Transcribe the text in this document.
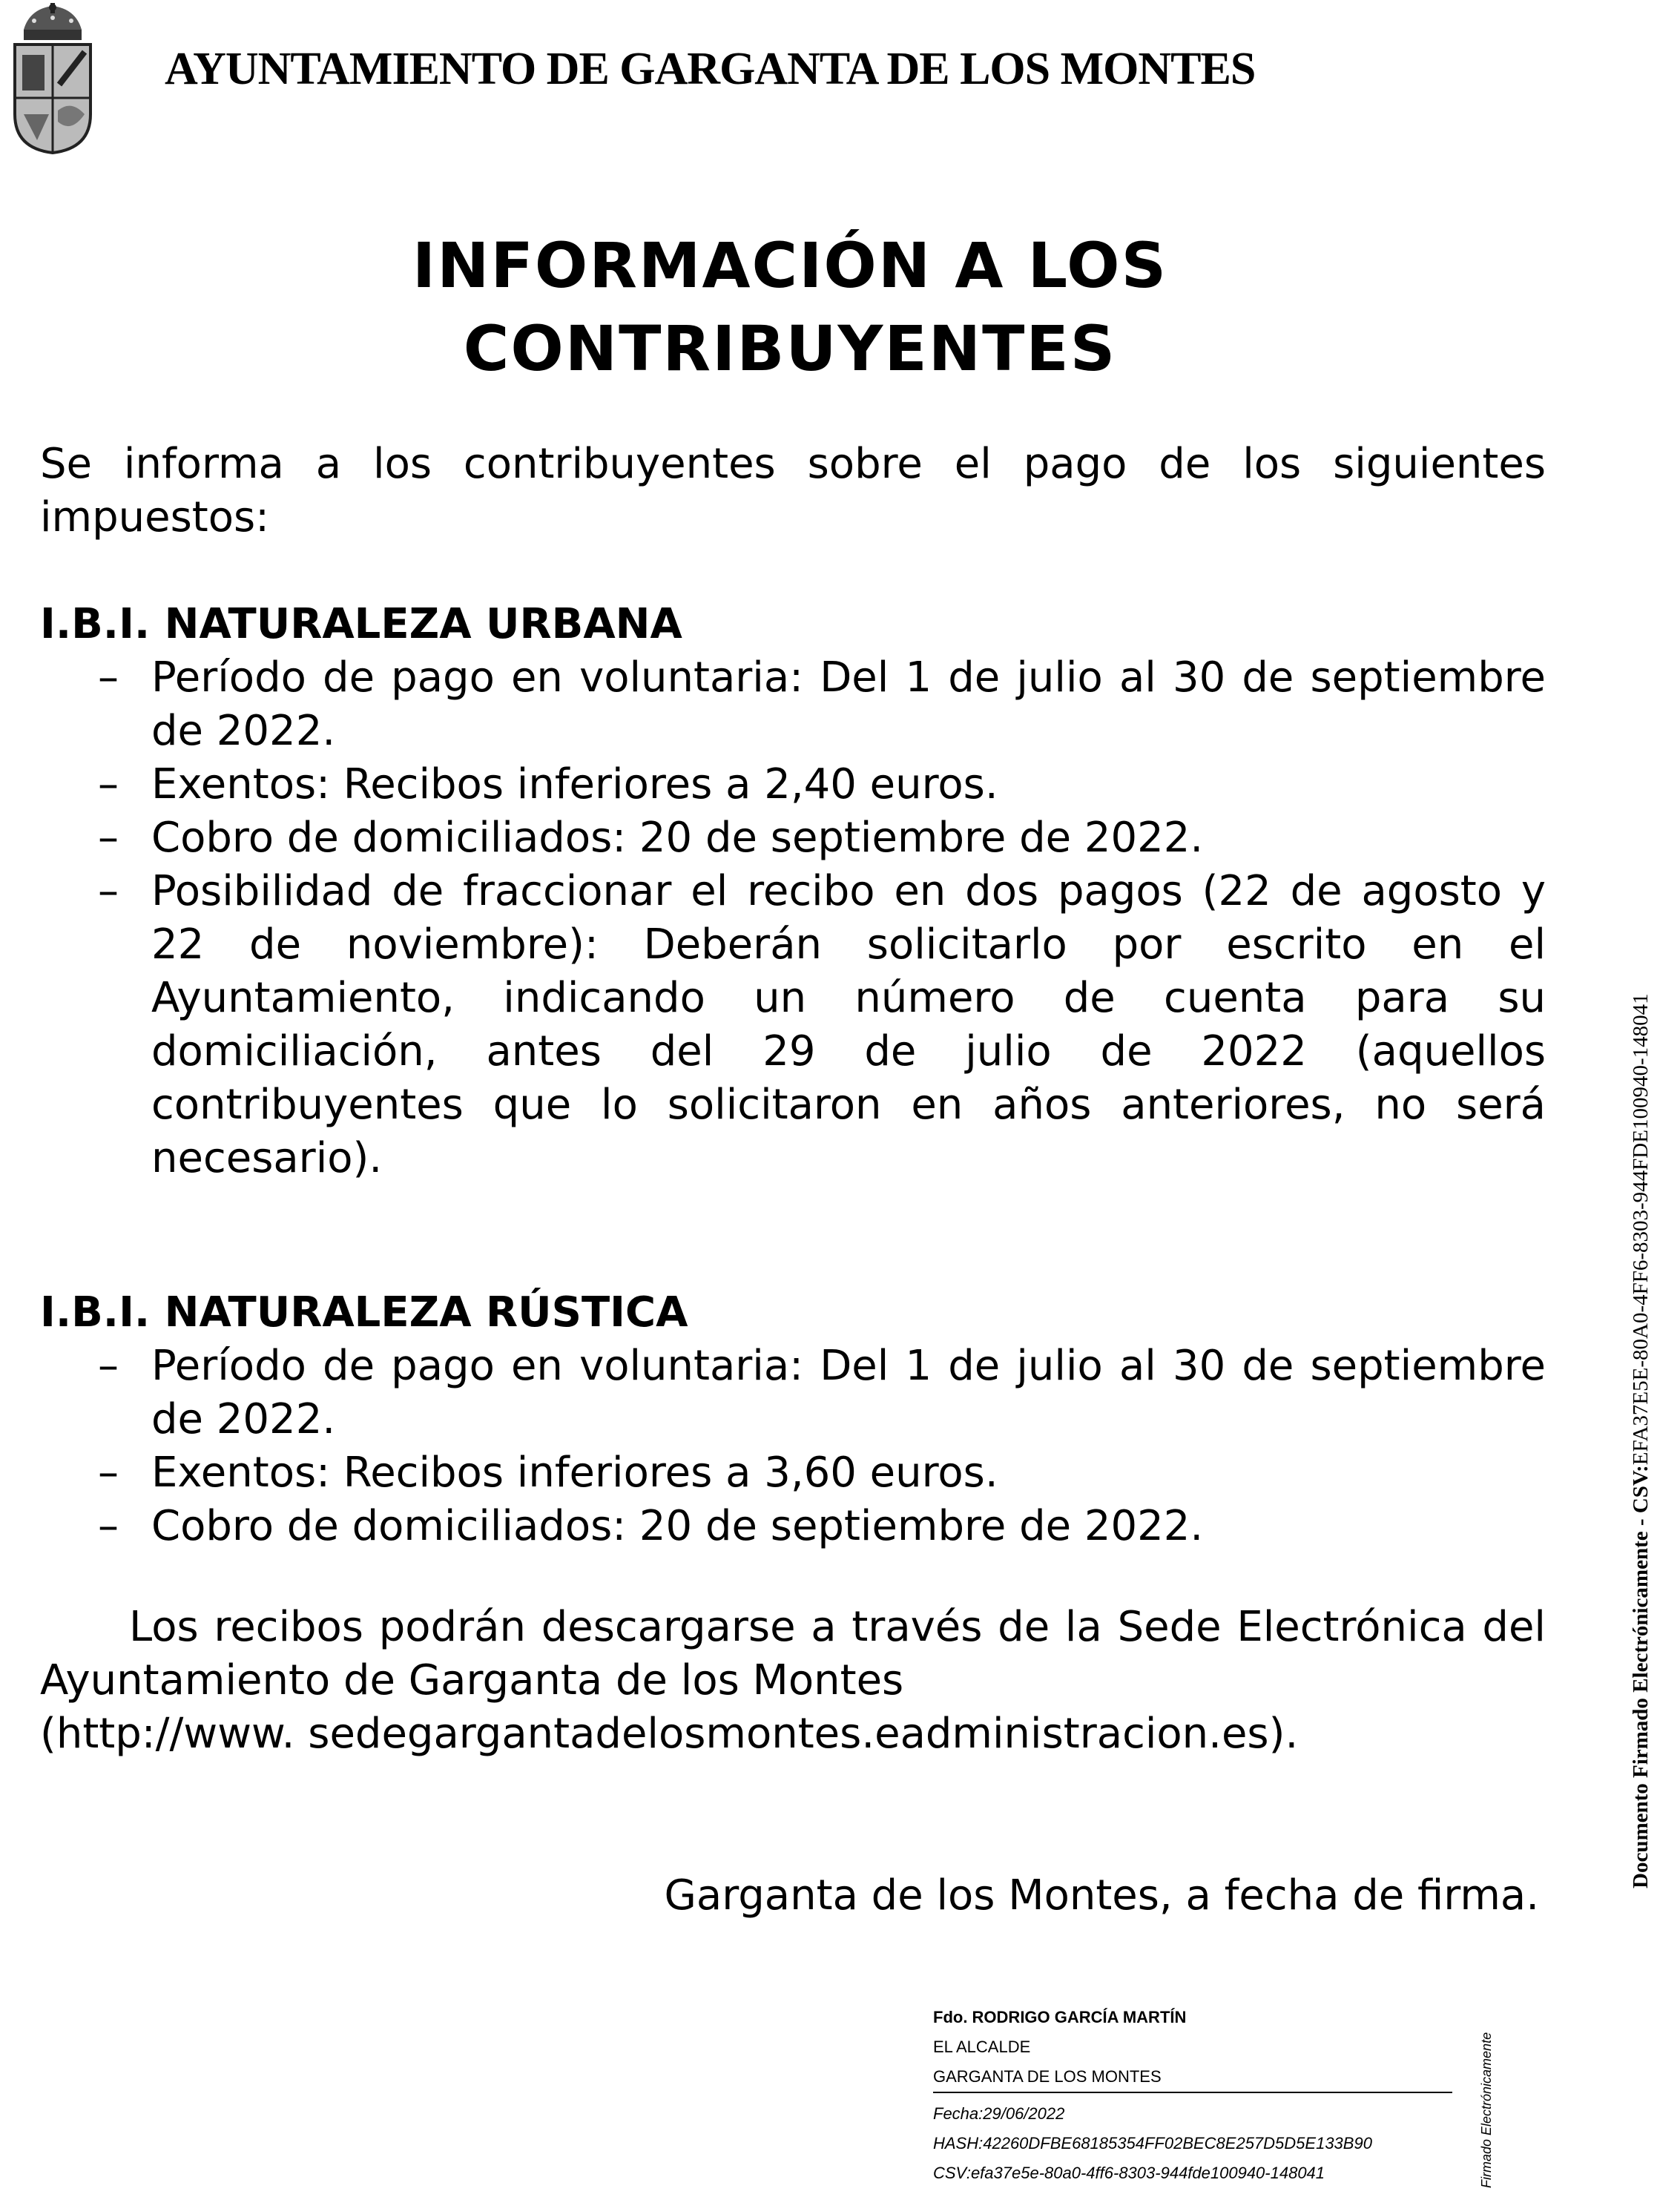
AYUNTAMIENTO DE GARGANTA DE LOS MONTES
INFORMACIÓN A LOS
CONTRIBUYENTES
Se informa a los contribuyentes sobre el pago de los siguientes impuestos:
I.B.I. NATURALEZA URBANA
– Período de pago en voluntaria: Del 1 de julio al 30 de septiembre de 2022.
– Exentos: Recibos inferiores a 2,40 euros.
– Cobro de domiciliados: 20 de septiembre de 2022.
– Posibilidad de fraccionar el recibo en dos pagos (22 de agosto y 22 de noviembre): Deberán solicitarlo por escrito en el Ayuntamiento, indicando un número de cuenta para su domiciliación, antes del 29 de julio de 2022 (aquellos contribuyentes que lo solicitaron en años anteriores, no será necesario).
I.B.I. NATURALEZA RÚSTICA
– Período de pago en voluntaria: Del 1 de julio al 30 de septiembre de 2022.
– Exentos: Recibos inferiores a 3,60 euros.
– Cobro de domiciliados: 20 de septiembre de 2022.
Los recibos podrán descargarse a través de la Sede Electrónica del Ayuntamiento de Garganta de los Montes
(http://www. sedegargantadelosmontes.eadministracion.es).
Garganta de los Montes, a fecha de firma.
Documento Firmado Electrónicamente - CSV:EFA37E5E-80A0-4FF6-8303-944FDE100940-148041
Fdo. RODRIGO GARCÍA MARTÍN
EL ALCALDE
GARGANTA DE LOS MONTES
Fecha:29/06/2022
HASH:42260DFBE68185354FF02BEC8E257D5D5E133B90
CSV:efa37e5e-80a0-4ff6-8303-944fde100940-148041	Firmado Electrónicamente
